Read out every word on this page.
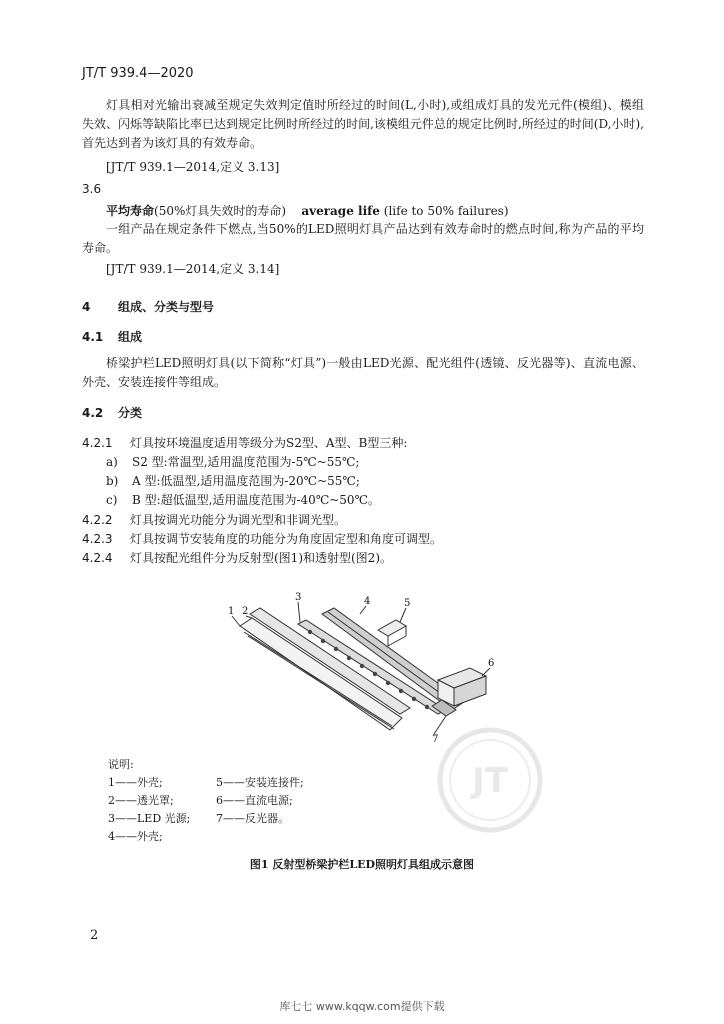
JT/T 939.4—2020

灯具相对光输出衰减至规定失效判定值时所经过的时间(L,小时),或组成灯具的发光元件(模组)、模组失效、闪烁等缺陷比率已达到规定比例时所经过的时间,该模组元件总的规定比例时,所经过的时间(D,小时),首先达到者为该灯具的有效寿命。

[JT/T 939.1—2014,定义 3.13]
3.6
平均寿命(50%灯具失效时的寿命) average life (life to 50% failures)

一组产品在规定条件下燃点,当50%的LED照明灯具产品达到有效寿命时的燃点时间,称为产品的平均寿命。

[JT/T 939.1—2014,定义 3.14]
4 组成、分类与型号
4.1 组成

桥梁护栏LED照明灯具(以下简称“灯具”)一般由LED光源、配光组件(透镜、反光器等)、直流电源、外壳、安装连接件等组成。

4.2 分类
4.2.1 灯具按环境温度适用等级分为S2型、A型、B型三种:
a) S2 型:常温型,适用温度范围为-5℃~55℃;
b) A 型:低温型,适用温度范围为-20℃~55℃;
c) B 型:超低温型,适用温度范围为-40℃~50℃。
4.2.2 灯具按调光功能分为调光型和非调光型。
4.2.3 灯具按调节安装角度的功能分为角度固定型和角度可调型。
4.2.4 灯具按配光组件分为反射型(图1)和透射型(图2)。
1 2
3	4	5
6
7
JT
说明:
1——外壳;
2——透光罩;
3——LED 光源;
4——外壳;
5——安装连接件;
6——直流电源;
7——反光器。
图1 反射型桥梁护栏LED照明灯具组成示意图
2
库七七 www.kqqw.com提供下载
